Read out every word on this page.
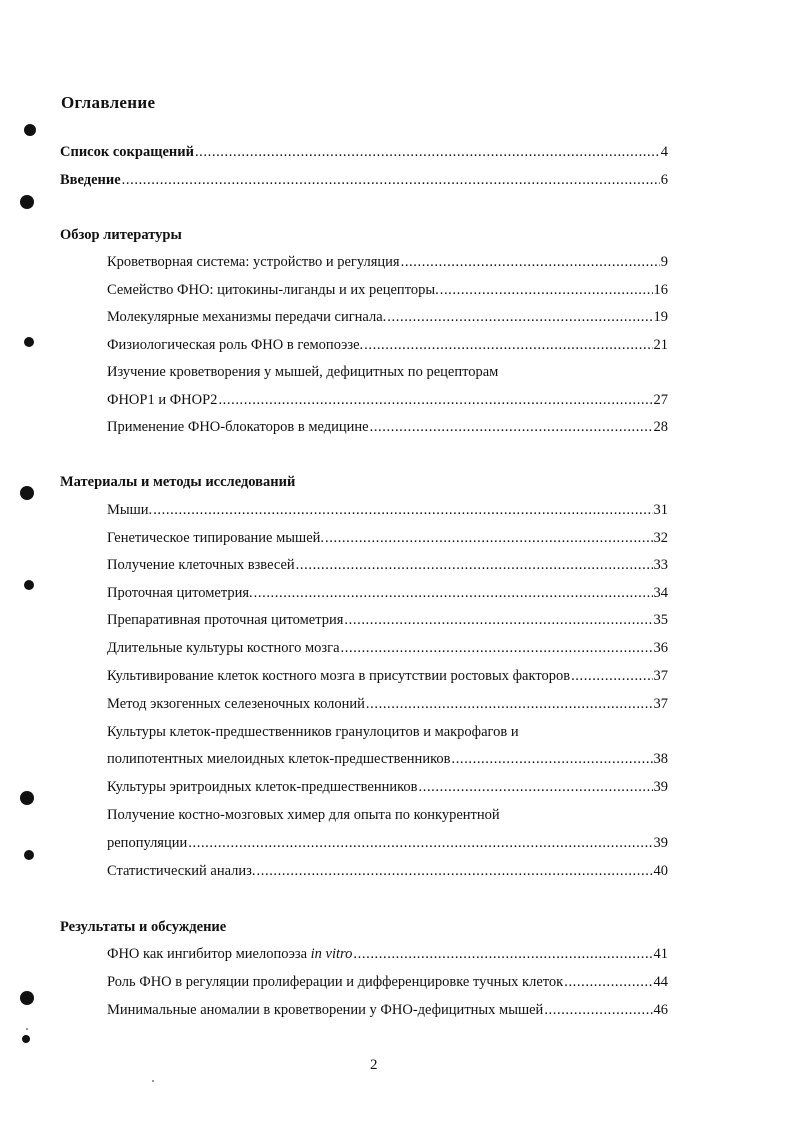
Оглавление
Список сокращений .....	4
Введение .....	6
Обзор литературы
Кроветворная система: устройство и регуляция .....	9
Семейство ФНО: цитокины-лиганды и их рецепторы. .....	16
Молекулярные механизмы передачи сигнала. .....	19
Физиологическая роль ФНО в гемопоэзе. .....	21
Изучение кроветворения у мышей, дефицитных по рецепторам
ФНОР1 и ФНОР2 .....	27
Применение ФНО-блокаторов в медицине .....	28
Материалы и методы исследований
Мыши. .....	31
Генетическое типирование мышей. .....	32
Получение клеточных взвесей .....	33
Проточная цитометрия. .....	34
Препаративная проточная цитометрия .....	35
Длительные культуры костного мозга .....	36
Культивирование клеток костного мозга в присутствии ростовых факторов .....	37
Метод экзогенных селезеночных колоний .....	37
Культуры клеток-предшественников гранулоцитов и макрофагов и
полипотентных миелоидных клеток-предшественников .....	38
Культуры эритроидных клеток-предшественников .....	39
Получение костно-мозговых химер для опыта по конкурентной
репопуляции .....	39
Статистический анализ. .....	40
Результаты и обсуждение
ФНО как ингибитор миелопоэза in vitro .....	41
Роль ФНО в регуляции пролиферации и дифференцировке тучных клеток .....	44
Минимальные аномалии в кроветворении у ФНО-дефицитных мышей .....	46
2
